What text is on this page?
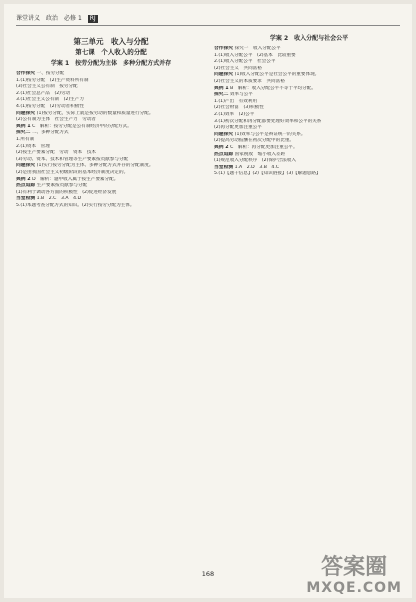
课堂讲义 政治 必修 1	RJ
第三单元　收入与分配
第七课　个人收入的分配
学案 1　按劳分配为主体　多种分配方式并存
合作探究 一、按劳分配
1.(1)按劳分配　(2)生产资料所有制
(3)社会主义公有制　按劳分配
2.(1)社会总产品　(2)劳动
3.(1)社会主义公有制　(2)生产力
4.(1)按劳分配　(2)劳动者积极性
问题探究 (1)按劳分配，实际上就是按劳动的数量和质量进行分配。
(2)公有制为主体　社会生产力　劳动者
典例 1 C　解析：按劳分配是公有制经济中的分配方式。
探究二 二、多种分配方式
1.所有制
2.(1)资本　管理
(2)按生产要素分配　劳动　资本　技术
(3)劳动、资本、技术和管理等生产要素按贡献参与分配
问题探究 (1)实行按劳分配为主体、多种分配方式并存的分配制度。
(2)是由我国社会主义初级阶段的基本经济制度决定的。
典例 2 D　解析：题中收入属于按生产要素分配。
热点追踪 生产要素按贡献参与分配
(1)有利于调动各方面的积极性　(2)促进经济发展
当堂检测 1.B　2.C　3.A　4.D
5.(1)本题考查分配方式的知识。(2)实行按劳分配为主体。
学案 2　收入分配与社会公平
合作探究 探究一　收入分配公平
1.(1)收入分配公平　(2)基本　比较重要
2.(1)收入分配公平　社会公平
(2)社会主义　共同富裕
问题探究 (1)收入分配公平是社会公平的重要体现。
(2)社会主义的本质要求　共同富裕
典例 1 B　解析：收入分配公平不等于平均分配。
探究二 效率与公平
1.(1)产出　有效利用
(2)社会财富　(3)积极性
2.(1)效率　(2)公平
3.(1)初次分配和再分配都要处理好效率和公平的关系
(2)再分配更加注重公平
问题探究 (1)效率与公平是辩证统一的关系。
(2)提高劳动报酬在初次分配中的比重。
典例 2 C　解析：再分配更加注重公平。
热点追踪 国家税收　缩小收入差距
(1)规范收入分配秩序　(2)保护合法收入
当堂检测 1.A　2.D　3.B　4.C
5.(1)【题干信息】(2)【知识链接】(3)【解题思路】
168	答案圈
MXQE.COM
